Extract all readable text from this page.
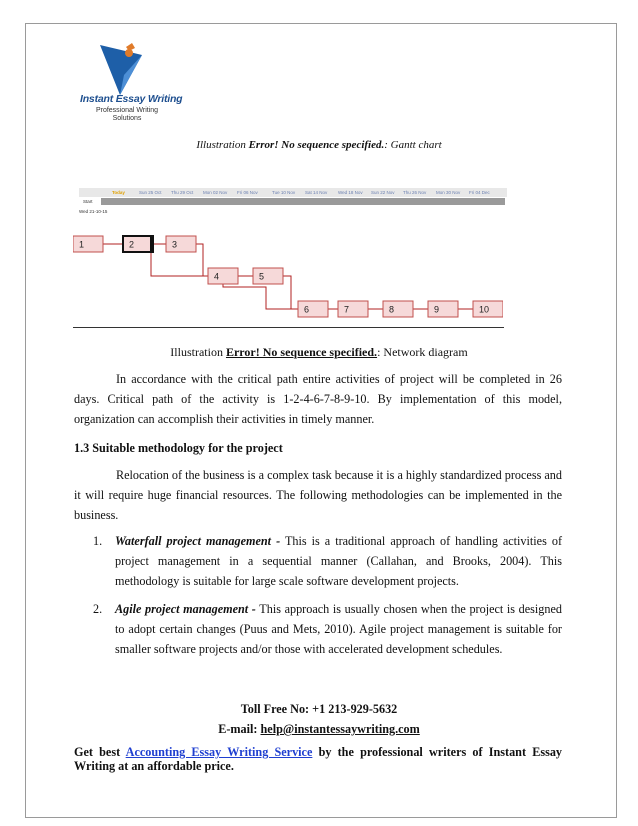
Instant Essay Writing
Professional Writing
Solutions
Illustration Error! No sequence specified.: Gantt chart
Today	Sun 25 Oct Thu 29 Oct Mon 02 Nov Fri 06 Nov	Tue 10 Nov Sat 14 Nov Wed 18 Nov Sun 22 Nov Thu 26 Nov Mon 30 Nov Fri 04 Dec
Start
Wed 21-10-15
1	2	3
4	5
6	7	8	9	10
Illustration Error! No sequence specified.: Network diagram
In accordance with the critical path entire activities of project will be completed in 26 days. Critical path of the activity is 1-2-4-6-7-8-9-10. By implementation of this model, organization can accomplish their activities in timely manner.
1.3 Suitable methodology for the project
Relocation of the business is a complex task because it is a highly standardized process and it will require huge financial resources. The following methodologies can be implemented in the business.
1. Waterfall project management - This is a traditional approach of handling activities of project management in a sequential manner (Callahan, and Brooks, 2004). This methodology is suitable for large scale software development projects.
2. Agile project management - This approach is usually chosen when the project is designed to adopt certain changes (Puus and Mets, 2010). Agile project management is suitable for smaller software projects and/or those with accelerated development schedules.
Toll Free No: +1 213-929-5632
E-mail: help@instantessaywriting.com
Get best Accounting Essay Writing Service by the professional writers of Instant Essay Writing at an affordable price.
